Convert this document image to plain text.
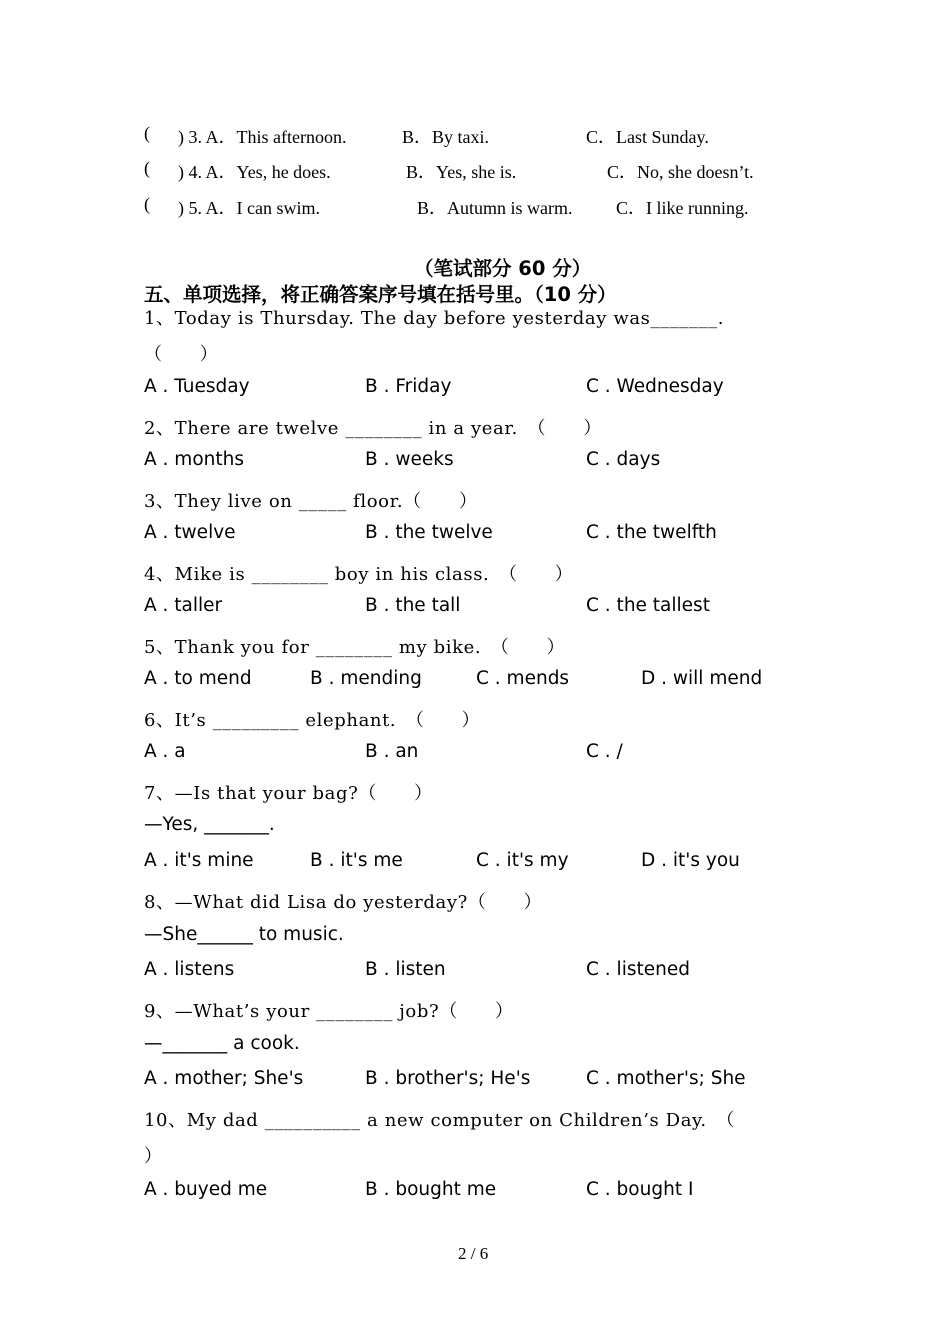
( ) 3. A．This afternoon.	B．By taxi.	C．Last Sunday.
( ) 4. A．Yes, he does.	B．Yes, she is.	C．No, she doesn’t.
( ) 5. A．I can swim.	B．Autumn is warm. C．I like running.
（笔试部分 60 分）
五、单项选择，将正确答案序号填在括号里。（10 分）
1、Today is Thursday. The day before yesterday was_______.
（　　）
A . Tuesday	B . Friday	C . Wednesday
2、There are twelve ________ in a year.　（　　）
A . months	B . weeks	C . days
3、They live on _____ floor.（　　）
A . twelve	B . the twelve	C . the twelfth
4、Mike is ________ boy in his class.　（　　）
A . taller	B . the tall	C . the tallest
5、Thank you for ________ my bike.　（　　）
A . to mend	B . mending	C . mends	D . will mend
6、It’s _________ elephant.　（　　）
A . a	B . an	C . /
7、—Is that your bag?（　　）
—Yes, _______.
A . it's mine	B . it's me	C . it's my	D . it's you
8、—What did Lisa do yesterday?（　　）
—She______ to music.
A . listens	B . listen	C . listened
9、—What’s your ________ job?（　　）
—_______ a cook.
A . mother; She's	B . brother's; He's	C . mother's; She
10、My dad __________ a new computer on Children’s Day.　（
）
A . buyed me	B . bought me	C . bought I
2 / 6
